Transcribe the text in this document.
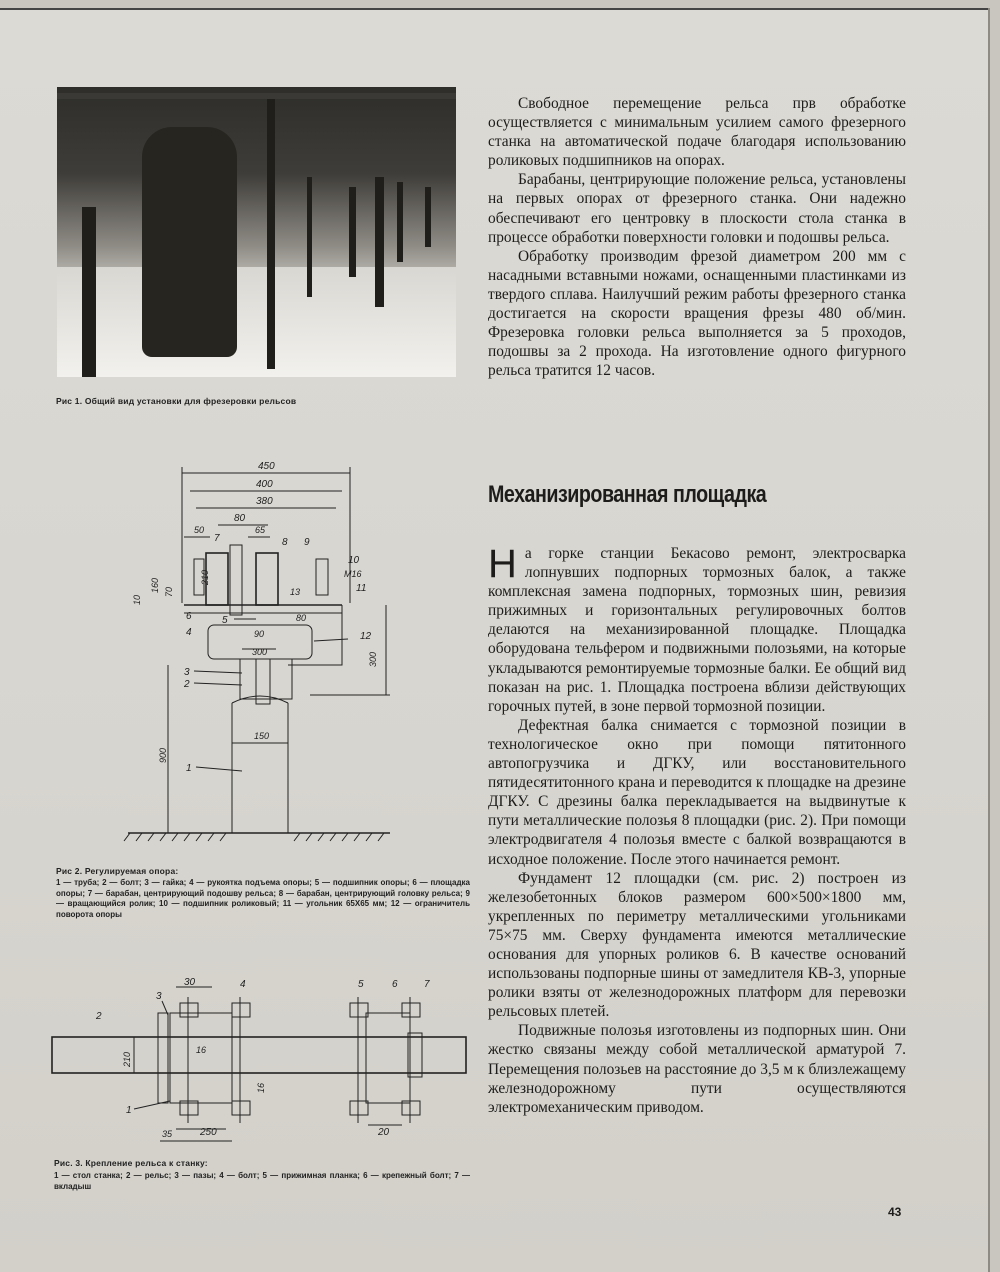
Рис 1. Общий вид установки для фрезеровки рельсов
450
400
380
80
50	65
210
160 70
10
80
90
300
150
300
900
7	8 9
10
М16
11
13
6	5
4	12
3
2
1
Рис 2. Регулируемая опора:
1 — труба; 2 — болт; 3 — гайка; 4 — рукоятка подъема опоры; 5 — подшипник опоры; 6 — площадка опоры; 7 — барабан, центрирующий подошву рельса; 8 — барабан, центрирующий головку рельса; 9 — вращающийся ролик; 10 — подшипник роликовый; 11 — угольник 65Х65 мм; 12 — ограничитель поворота опоры
30
210
16
16
35	250	20
2
3
4	5	6	7
1
Рис. 3. Крепление рельса к станку:
1 — стол станка; 2 — рельс; 3 — пазы; 4 — болт; 5 — прижимная планка; 6 — крепежный болт; 7 — вкладыш

Свободное перемещение рельса прв обработке осуществляется с минимальным усилием самого фрезерного станка на автоматической подаче благодаря использованию роликовых подшипников на опорах.

Барабаны, центрирующие положение рельса, установлены на первых опорах от фрезерного станка. Они надежно обеспечивают его центровку в плоскости стола станка в процессе обработки поверхности головки и подошвы рельса.

Обработку производим фрезой диаметром 200 мм с насадными вставными ножами, оснащенными пластинками из твердого сплава. Наилучший режим работы фрезерного станка достигается на скорости вращения фрезы 480 об/мин. Фрезеровка головки рельса выполняется за 5 проходов, подошвы за 2 прохода. На изготовление одного фигурного рельса тратится 12 часов.

Механизированная площадка

На горке станции Бекасово ремонт, электросварка лопнувших подпорных тормозных балок, а также комплексная замена подпорных, тормозных шин, ревизия прижимных и горизонтальных регулировочных болтов делаются на механизированной площадке. Площадка оборудована тельфером и подвижными полозьями, на которые укладываются ремонтируемые тормозные балки. Ее общий вид показан на рис. 1. Площадка построена вблизи действующих горочных путей, в зоне первой тормозной позиции.

Дефектная балка снимается с тормозной позиции в технологическое окно при помощи пятитонного автопогрузчика и ДГКУ, или восстановительного пятидесятитонного крана и переводится к площадке на дрезине ДГКУ. С дрезины балка перекладывается на выдвинутые к пути металлические полозья 8 площадки (рис. 2). При помощи электродвигателя 4 полозья вместе с балкой возвращаются в исходное положение. После этого начинается ремонт.

Фундамент 12 площадки (см. рис. 2) построен из железобетонных блоков размером 600×500×1800 мм, укрепленных по периметру металлическими угольниками 75×75 мм. Сверху фундамента имеются металлические основания для упорных роликов 6. В качестве оснований использованы подпорные шины от замедлителя КВ-3, упорные ролики взяты от железнодорожных платформ для перевозки рельсовых плетей.

Подвижные полозья изготовлены из подпорных шин. Они жестко связаны между собой металлической арматурой 7. Перемещения полозьев на расстояние до 3,5 м к близлежащему железнодорожному пути осуществляются электромеханическим приводом.

43
